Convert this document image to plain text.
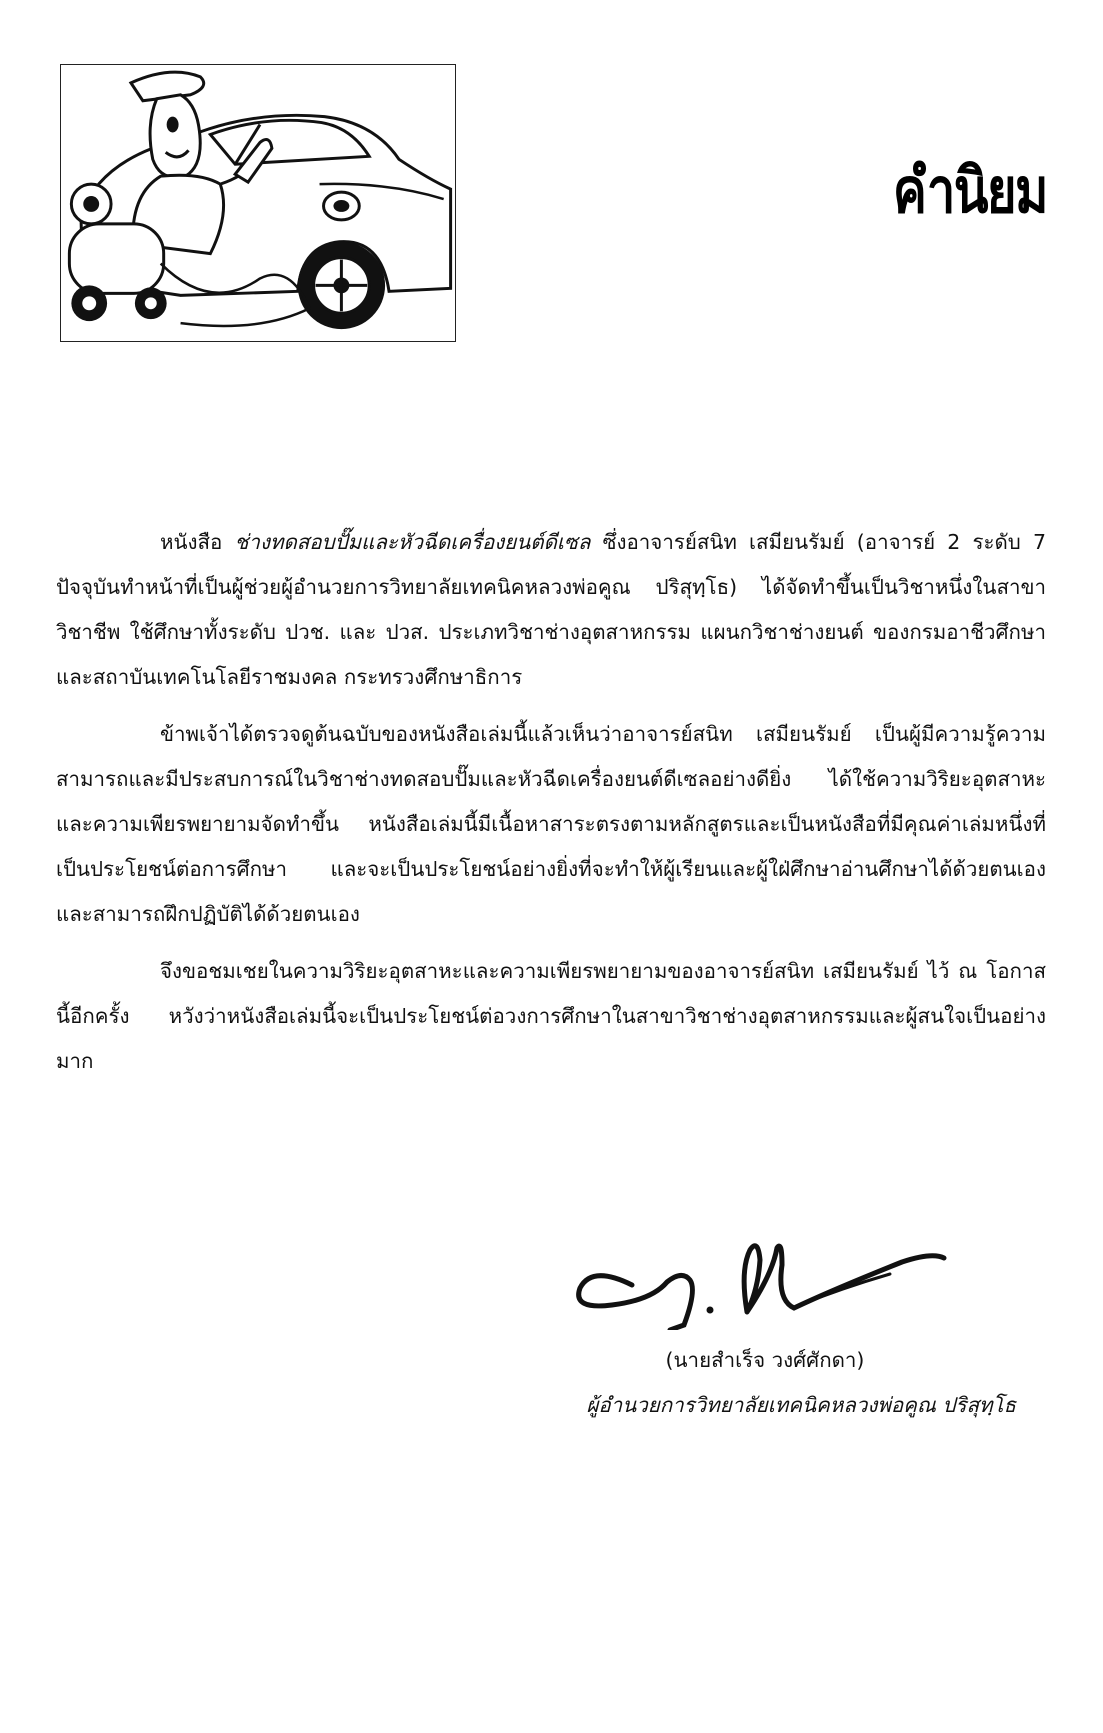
คำนิยม

หนังสือ ช่างทดสอบปั๊มและหัวฉีดเครื่องยนต์ดีเซล ซึ่งอาจารย์สนิท เสมียนรัมย์ (อาจารย์ 2 ระดับ 7 ปัจจุบันทำหน้าที่เป็นผู้ช่วยผู้อำนวยการวิทยาลัยเทคนิคหลวงพ่อคูณ ปริสุทฺโธ) ได้จัดทำขึ้นเป็นวิชาหนึ่งในสาขาวิชาชีพ ใช้ศึกษาทั้งระดับ ปวช. และ ปวส. ประเภทวิชาช่างอุตสาหกรรม แผนกวิชาช่างยนต์ ของกรมอาชีวศึกษาและสถาบันเทคโนโลยีราชมงคล กระทรวงศึกษาธิการ

ข้าพเจ้าได้ตรวจดูต้นฉบับของหนังสือเล่มนี้แล้วเห็นว่าอาจารย์สนิท เสมียนรัมย์ เป็นผู้มีความรู้ความสามารถและมีประสบการณ์ในวิชาช่างทดสอบปั๊มและหัวฉีดเครื่องยนต์ดีเซลอย่างดียิ่ง ได้ใช้ความวิริยะอุตสาหะและความเพียรพยายามจัดทำขึ้น หนังสือเล่มนี้มีเนื้อหาสาระตรงตามหลักสูตรและเป็นหนังสือที่มีคุณค่าเล่มหนึ่งที่เป็นประโยชน์ต่อการศึกษา และจะเป็นประโยชน์อย่างยิ่งที่จะทำให้ผู้เรียนและผู้ใฝ่ศึกษาอ่านศึกษาได้ด้วยตนเอง และสามารถฝึกปฏิบัติได้ด้วยตนเอง

จึงขอชมเชยในความวิริยะอุตสาหะและความเพียรพยายามของอาจารย์สนิท เสมียนรัมย์ ไว้ ณ โอกาสนี้อีกครั้ง หวังว่าหนังสือเล่มนี้จะเป็นประโยชน์ต่อวงการศึกษาในสาขาวิชาช่างอุตสาหกรรมและผู้สนใจเป็นอย่างมาก

(นายสำเร็จ วงศ์ศักดา)
ผู้อำนวยการวิทยาลัยเทคนิคหลวงพ่อคูณ ปริสุทฺโธ
